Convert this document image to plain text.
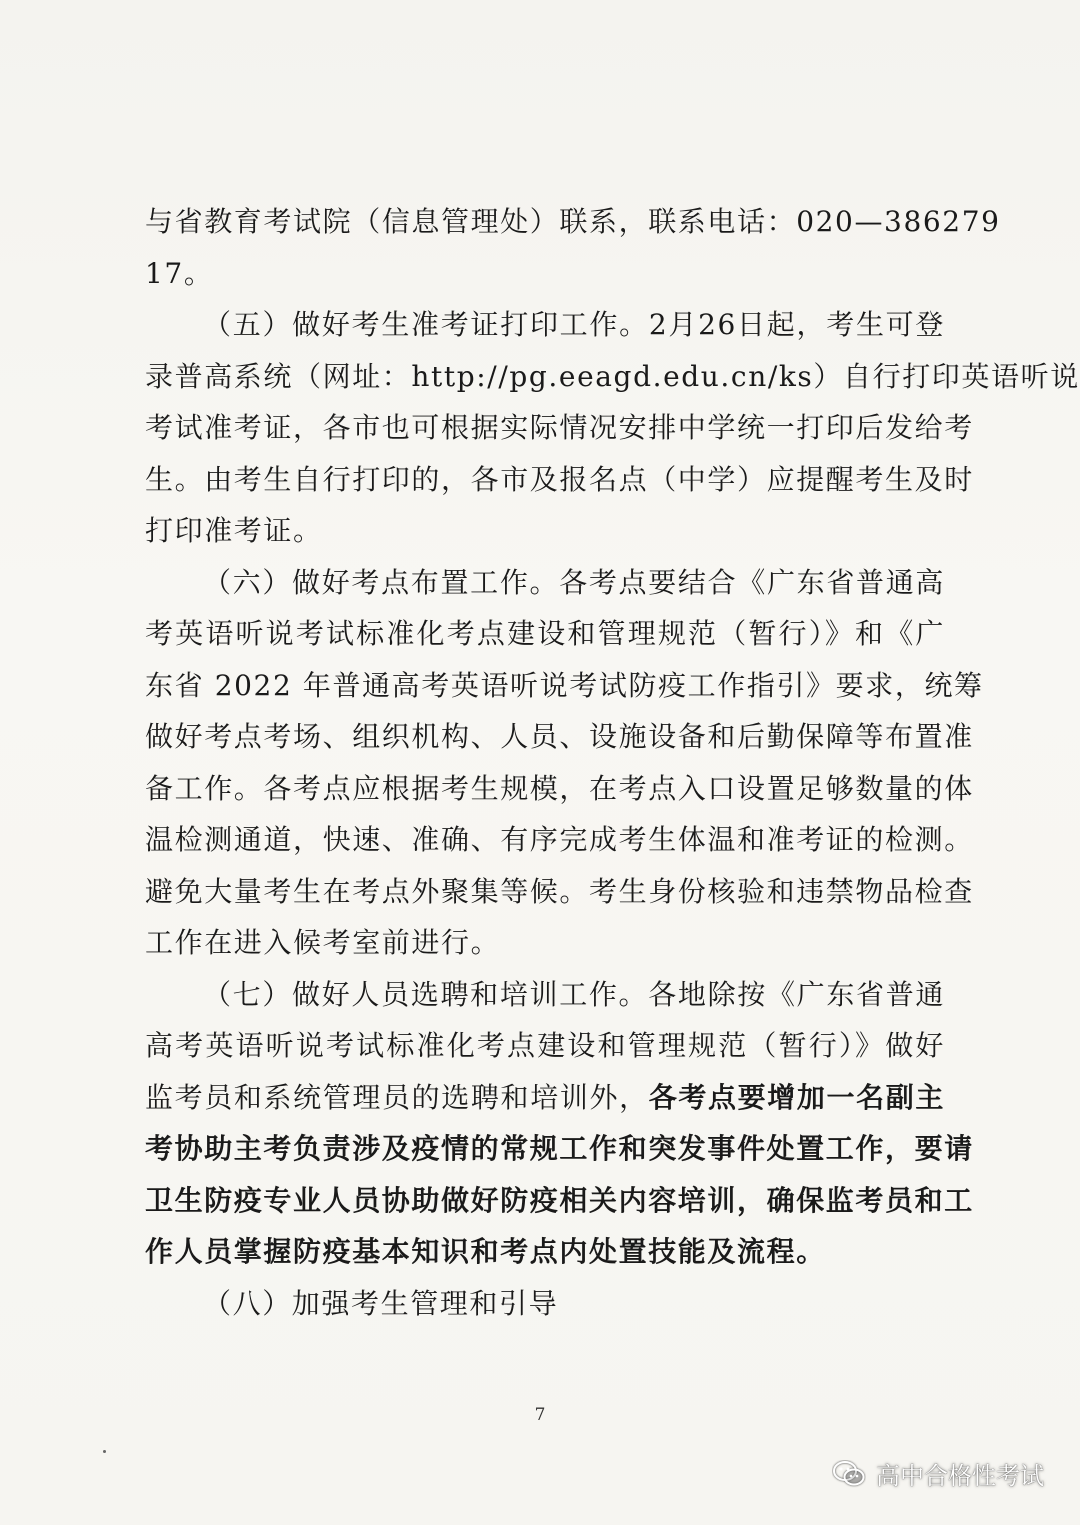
与省教育考试院（信息管理处）联系，联系电话：020—386279
17。
（五）做好考生准考证打印工作。2月26日起，考生可登
录普高系统（网址：http://pg.eeagd.edu.cn/ks）自行打印英语听说
考试准考证，各市也可根据实际情况安排中学统一打印后发给考
生。由考生自行打印的，各市及报名点（中学）应提醒考生及时
打印准考证。
（六）做好考点布置工作。各考点要结合《广东省普通高
考英语听说考试标准化考点建设和管理规范（暂行）》和《广
东省 2022 年普通高考英语听说考试防疫工作指引》要求，统筹
做好考点考场、组织机构、人员、设施设备和后勤保障等布置准
备工作。各考点应根据考生规模，在考点入口设置足够数量的体
温检测通道，快速、准确、有序完成考生体温和准考证的检测。
避免大量考生在考点外聚集等候。考生身份核验和违禁物品检查
工作在进入候考室前进行。
（七）做好人员选聘和培训工作。各地除按《广东省普通
高考英语听说考试标准化考点建设和管理规范（暂行）》做好
监考员和系统管理员的选聘和培训外，各考点要增加一名副主
考协助主考负责涉及疫情的常规工作和突发事件处置工作，要请
卫生防疫专业人员协助做好防疫相关内容培训，确保监考员和工
作人员掌握防疫基本知识和考点内处置技能及流程。
（八）加强考生管理和引导
7
高中合格性考试
